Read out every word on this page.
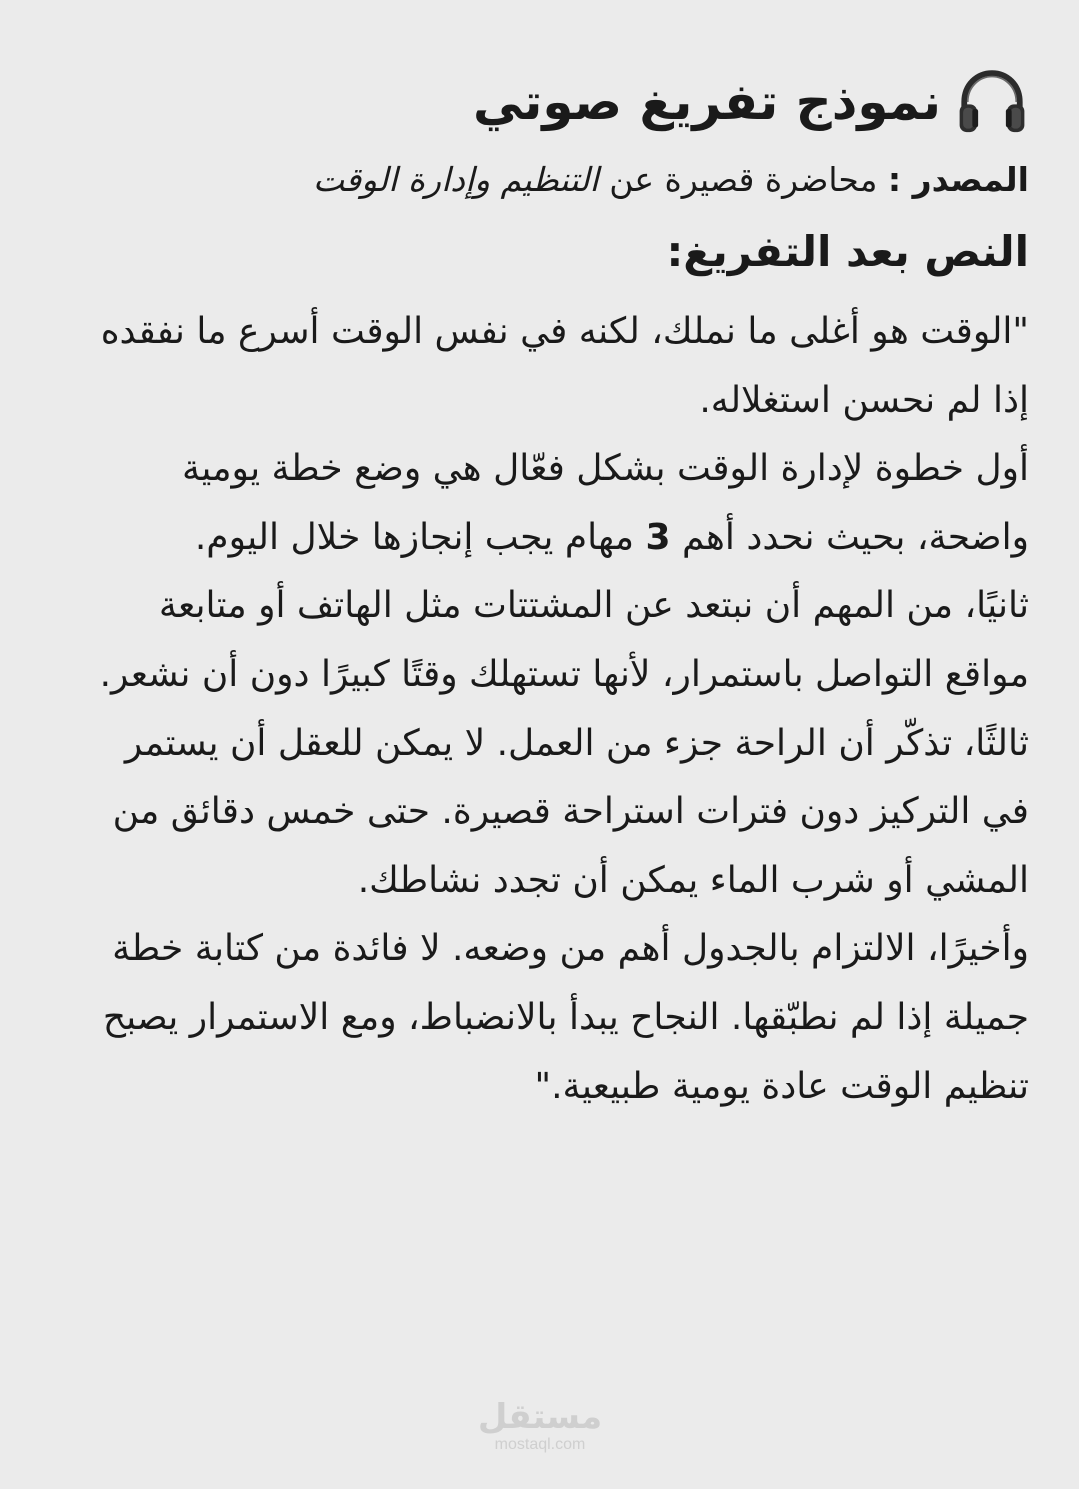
نموذج تفريغ صوتي
المصدر : محاضرة قصيرة عن التنظيم وإدارة الوقت
النص بعد التفريغ:

"الوقت هو أغلى ما نملك، لكنه في نفس الوقت أسرع ما نفقده إذا لم نحسن استغلاله.

أول خطوة لإدارة الوقت بشكل فعّال هي وضع خطة يومية واضحة، بحيث نحدد أهم 3 مهام يجب إنجازها خلال اليوم.

ثانيًا، من المهم أن نبتعد عن المشتتات مثل الهاتف أو متابعة مواقع التواصل باستمرار، لأنها تستهلك وقتًا كبيرًا دون أن نشعر.

ثالثًا، تذكّر أن الراحة جزء من العمل. لا يمكن للعقل أن يستمر في التركيز دون فترات استراحة قصيرة. حتى خمس دقائق من المشي أو شرب الماء يمكن أن تجدد نشاطك.

وأخيرًا، الالتزام بالجدول أهم من وضعه. لا فائدة من كتابة خطة جميلة إذا لم نطبّقها. النجاح يبدأ بالانضباط، ومع الاستمرار يصبح تنظيم الوقت عادة يومية طبيعية."

مستقل
mostaql.com
